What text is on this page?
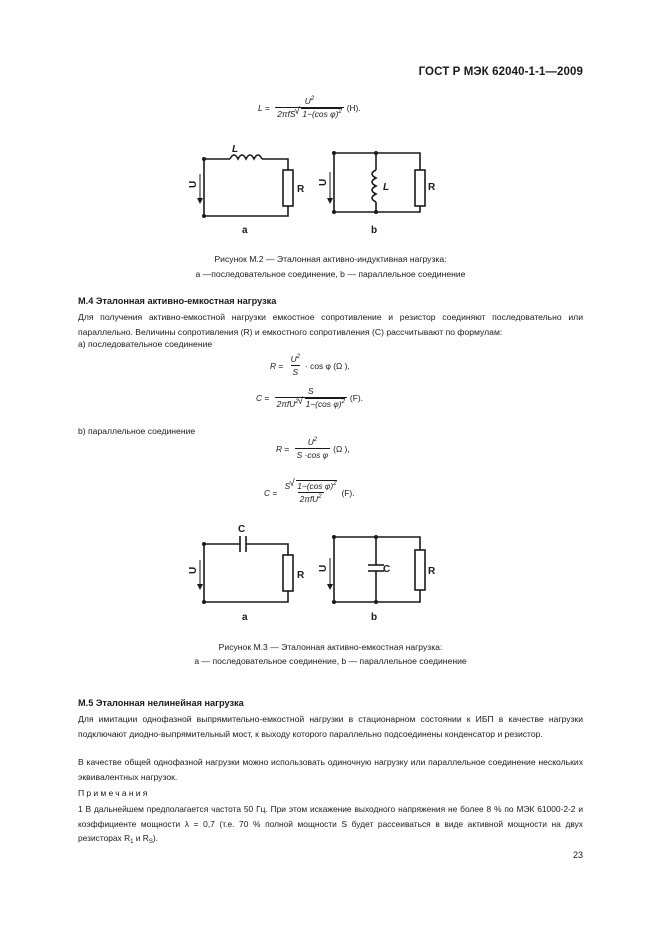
ГОСТ Р МЭК 62040-1-1—2009
$L = \frac{U^2}{2\pi fS √ 1-(\cos \varphi)^2} (H)$.
U
L
R
а
U	L	R
b
Рисунок М.2 — Эталонная активно-индуктивная нагрузка:
а —последовательное соединение, b — параллельное соединение
М.4 Эталонная активно-емкостная нагрузка
Для получения активно-емкостной нагрузки емкостное сопротивление и резистор соединяют последовательно или параллельно. Величины сопротивления (R) и емкостного сопротивления (C) рассчитывают по формулам:
а) последовательное соединение
R
=
$\frac{U^2}{S} \cdot \cos \varphi$ (Ω ),
C
=
$\frac{S}{2\pi fU^2 √ 1-(\cos \varphi)^2} (F)$.
b) параллельное соединение
R
=
$\frac{U^2}{\text{S ·cos φ}} (\Omega$ ),
C
=
$\frac{S √ 1-(\cos \varphi)^2}{2\pi fU^2} (F)$.
U
C
R
а
U	C	R
b
Рисунок М.3 — Эталонная активно-емкостная нагрузка:
а — последовательное соединение, b — параллельное соединение
М.5 Эталонная нелинейная нагрузка
Для имитации однофазной выпрямительно-емкостной нагрузки в стационарном состоянии к ИБП в качестве нагрузки подключают диодно-выпрямительный мост, к выходу которого параллельно подсоединены конденсатор и резистор.
В качестве общей однофазной нагрузки можно использовать одиночную нагрузку или параллельное соединение нескольких эквивалентных нагрузок.
Примечания
1 В дальнейшем предполагается частота 50 Гц. При этом искажение выходного напряжения не более 8 % по МЭК 61000-2-2 и коэффициенте мощности λ = 0,7 (т.е. 70 % полной мощности S будет рассеиваться в виде активной мощности на двух резисторах $R_1$ и $R_S$).
23
